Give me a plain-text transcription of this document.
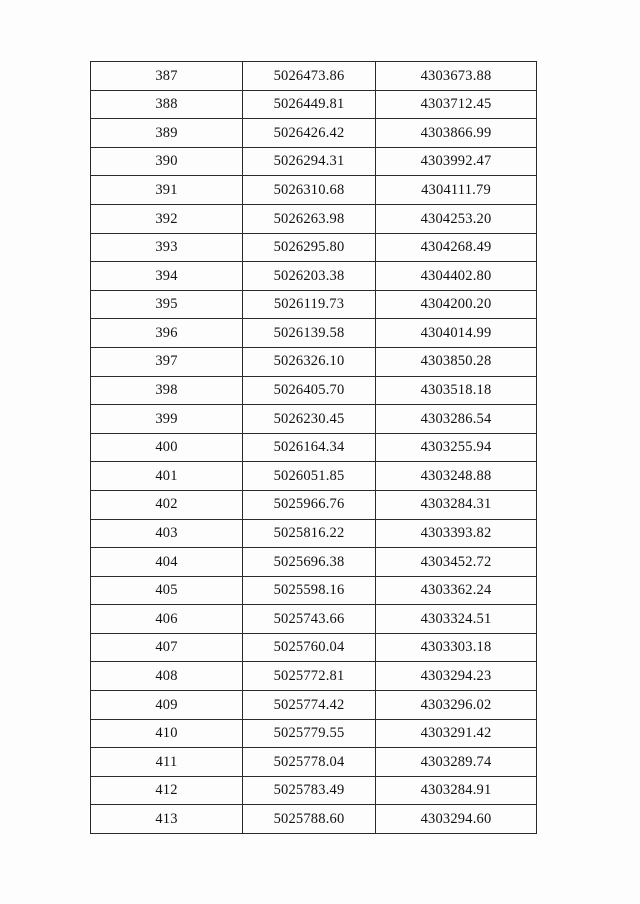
387	5026473.86	4303673.88
388	5026449.81	4303712.45
389	5026426.42	4303866.99
390	5026294.31	4303992.47
391	5026310.68	4304111.79
392	5026263.98	4304253.20
393	5026295.80	4304268.49
394	5026203.38	4304402.80
395	5026119.73	4304200.20
396	5026139.58	4304014.99
397	5026326.10	4303850.28
398	5026405.70	4303518.18
399	5026230.45	4303286.54
400	5026164.34	4303255.94
401	5026051.85	4303248.88
402	5025966.76	4303284.31
403	5025816.22	4303393.82
404	5025696.38	4303452.72
405	5025598.16	4303362.24
406	5025743.66	4303324.51
407	5025760.04	4303303.18
408	5025772.81	4303294.23
409	5025774.42	4303296.02
410	5025779.55	4303291.42
411	5025778.04	4303289.74
412	5025783.49	4303284.91
413	5025788.60	4303294.60
